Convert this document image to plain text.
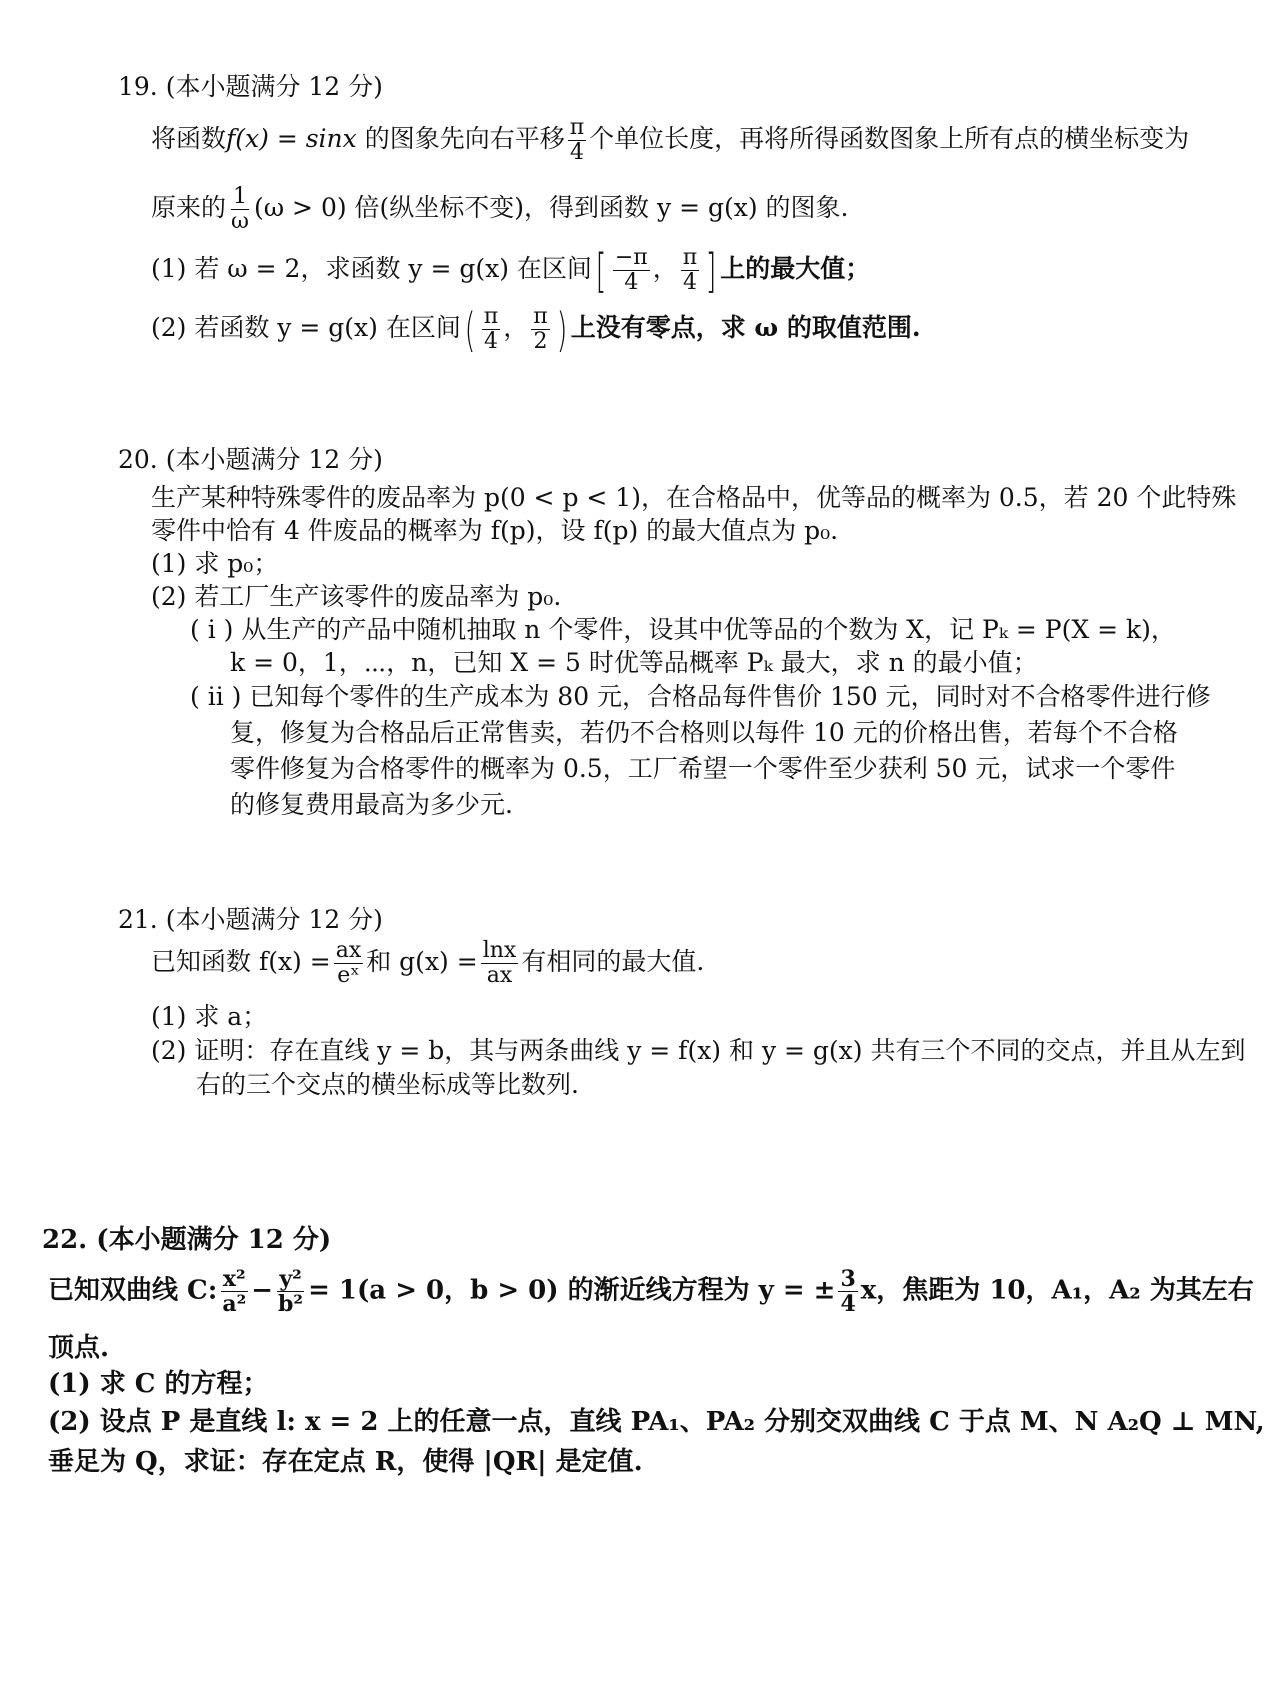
19. (本小题满分 12 分)
将函数f(x) = sinx 的图象先向右平移 $\frac{\pi}{4}$ 个单位长度，再将所得函数图象上所有点的横坐标变为
原来的 $\frac{1}{\omega} (\omega > 0)$ 倍(纵坐标不变)，得到函数 y = g(x) 的图象.
(1) 若 ω = 2，求函数 y = g(x) 在区间[ $\frac{-\pi}{4}$ ， $\frac{\pi}{4}$ ] 上的最大值；
(2) 若函数 y = g(x) 在区间( $\frac{\pi}{4}$ ， $\frac{\pi}{2}$ ) 上没有零点，求 ω 的取值范围.
20. (本小题满分 12 分)
生产某种特殊零件的废品率为 p(0 < p < 1)，在合格品中，优等品的概率为 0.5，若 20 个此特殊
零件中恰有 4 件废品的概率为 f(p)，设 f(p) 的最大值点为 p₀.
(1) 求 p₀；
(2) 若工厂生产该零件的废品率为 p₀.
( ⅰ ) 从生产的产品中随机抽取 n 个零件，设其中优等品的个数为 X，记 Pₖ = P(X = k)，
k = 0，1，⋯，n，已知 X = 5 时优等品概率 Pₖ 最大，求 n 的最小值；
( ⅱ ) 已知每个零件的生产成本为 80 元，合格品每件售价 150 元，同时对不合格零件进行修
复，修复为合格品后正常售卖，若仍不合格则以每件 10 元的价格出售，若每个不合格
零件修复为合格零件的概率为 0.5，工厂希望一个零件至少获利 50 元，试求一个零件
的修复费用最高为多少元.
21. (本小题满分 12 分)
已知函数 $f(x) = \frac{ax}{\text{eˣ}}$ 和 $g(x) = \frac{\ln x}{ax}$ 有相同的最大值.
(1) 求 a；
(2) 证明：存在直线 y = b，其与两条曲线 y = f(x) 和 y = g(x) 共有三个不同的交点，并且从左到
右的三个交点的横坐标成等比数列.
22. (本小题满分 12 分)
已知双曲线 C: $\frac{\text{x²}}{\text{a²}} - \frac{\text{y²}}{\text{b²}} = 1(a > 0$，b > 0) 的渐近线方程为 y = ± $\frac{3}{4}$ x，焦距为 10，A₁，A₂ 为其左右
顶点.
(1) 求 C 的方程；
(2) 设点 P 是直线 l: x = 2 上的任意一点，直线 PA₁、PA₂ 分别交双曲线 C 于点 M、N A₂Q ⊥ MN,
垂足为 Q，求证：存在定点 R，使得 |QR| 是定值.
